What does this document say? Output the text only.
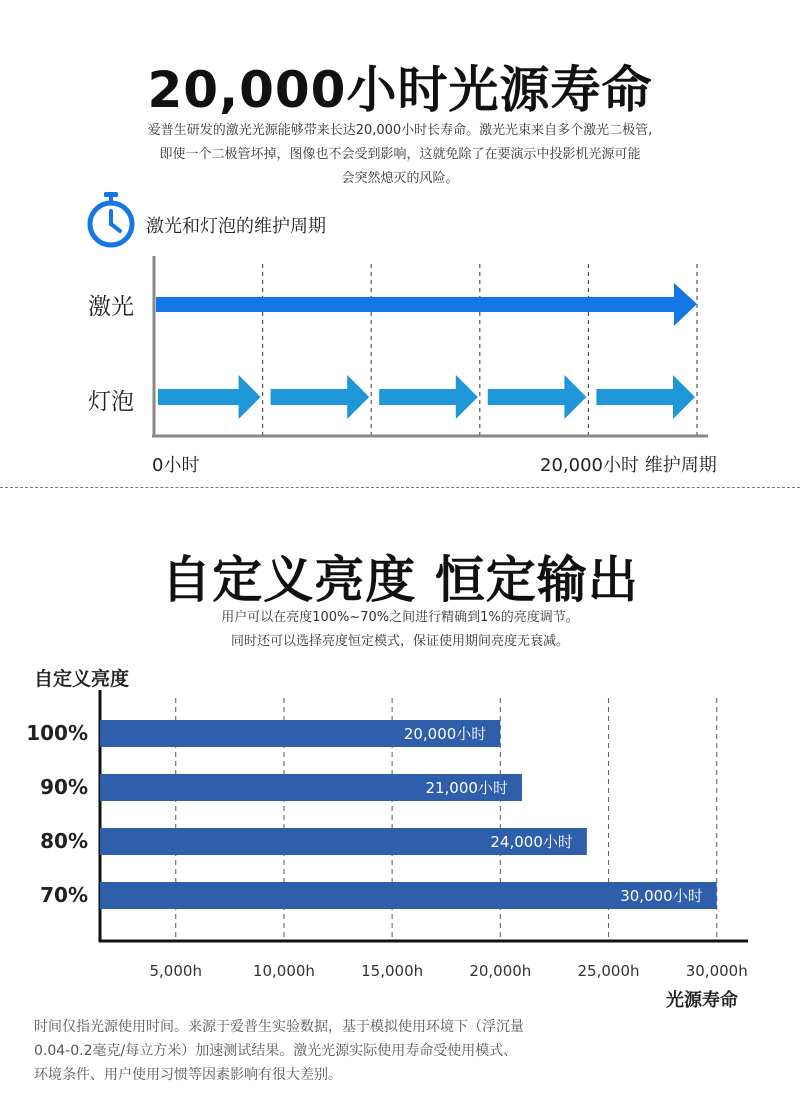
20,000小时光源寿命
爱普生研发的激光光源能够带来长达20,000小时长寿命。激光光束来自多个激光二极管,
即使一个二极管坏掉，图像也不会受到影响，这就免除了在要演示中投影机光源可能
会突然熄灭的风险。
激光和灯泡的维护周期
激光
灯泡
0小时	20,000小时 维护周期
自定义亮度 恒定输出
用户可以在亮度100%~70%之间进行精确到1%的亮度调节。
同时还可以选择亮度恒定模式，保证使用期间亮度无衰减。
自定义亮度
100%
90%
80%
70%
5,000h	10,000h	15,000h	20,000h	25,000h	30,000h
20,000小时
21,000小时
24,000小时
30,000小时
光源寿命
时间仅指光源使用时间。来源于爱普生实验数据，基于模拟使用环境下（浮沉量
0.04-0.2毫克/每立方米）加速测试结果。激光光源实际使用寿命受使用模式、
环境条件、用户使用习惯等因素影响有很大差别。
